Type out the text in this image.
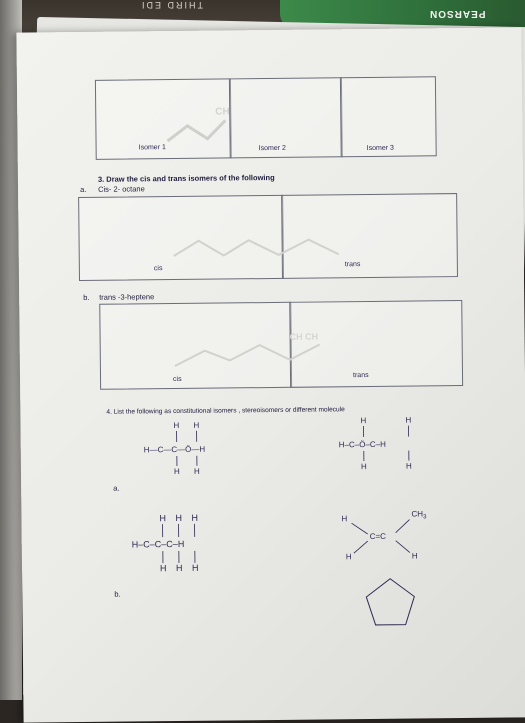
PEARSON
THIRD EDI
Isomer 1	Isomer 2	Isomer 3
CH
3. Draw the cis and trans isomers of the following
a. Cis- 2- octane
cis
trans
b. trans -3-heptene
cis
trans
CH CH
4. List the following as constitutional isomers , stereoisomers or different molecule
H H
H—C—C—Ö—H
H H
H	H
H–C–Ö–C–H
H	H
a.
H H H
H–C–C–C–H
H H H
H
$CH_3$
C=C
H	H
b.
